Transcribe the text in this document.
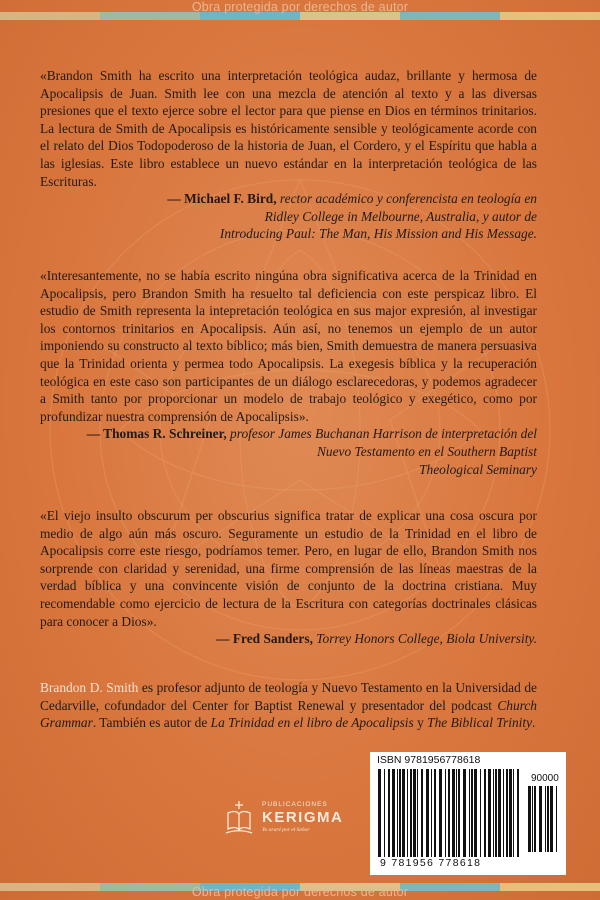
Obra protegida por derechos de autor
Obra protegida por derechos de autor

«Brandon Smith ha escrito una interpretación teológica audaz, brillante y hermosa de Apocalipsis de Juan. Smith lee con una mezcla de atención al texto y a las diversas presiones que el texto ejerce sobre el lector para que piense en Dios en términos trinitarios. La lectura de Smith de Apocalipsis es históricamente sensible y teológicamente acorde con el relato del Dios Todopoderoso de la historia de Juan, el Cordero, y el Espíritu que habla a las iglesias. Este libro establece un nuevo estándar en la interpretación teológica de las Escrituras.

— Michael F. Bird, rector académico y conferencista en teología en
Ridley College in Melbourne, Australia, y autor de
Introducing Paul: The Man, His Mission and His Message.

«Interesantemente, no se había escrito ningúna obra significativa acerca de la Trinidad en Apocalipsis, pero Brandon Smith ha resuelto tal deficiencia con este perspicaz libro. El estudio de Smith representa la intepretación teológica en sus major expresión, al investigar los contornos trinitarios en Apocalipsis. Aún así, no tenemos un ejemplo de un autor imponiendo su constructo al texto bíblico; más bien, Smith demuestra de manera persuasiva que la Trinidad orienta y permea todo Apocalipsis. La exegesis bíblica y la recuperación teológica en este caso son participantes de un diálogo esclarecedoras, y podemos agradecer a Smith tanto por proporcionar un modelo de trabajo teológico y exegético, como por profundizar nuestra comprensión de Apocalipsis».

— Thomas R. Schreiner, profesor James Buchanan Harrison de interpretación del
Nuevo Testamento en el Southern Baptist
Theological Seminary

«El viejo insulto obscurum per obscurius significa tratar de explicar una cosa oscura por medio de algo aún más oscuro. Seguramente un estudio de la Trinidad en el libro de Apocalipsis corre este riesgo, podríamos temer. Pero, en lugar de ello, Brandon Smith nos sorprende con claridad y serenidad, una firme comprensión de las líneas maestras de la verdad bíblica y una convincente visión de conjunto de la doctrina cristiana. Muy recomendable como ejercicio de lectura de la Escritura con categorías doctrinales clásicas para conocer a Dios».

— Fred Sanders, Torrey Honors College, Biola University.

Brandon D. Smith es profesor adjunto de teología y Nuevo Testamento en la Universidad de Cedarville, cofundador del Center for Baptist Renewal y presentador del podcast Church Grammar. También es autor de La Trinidad en el libro de Apocalipsis y The Biblical Trinity.

PUBLICACIONES
KERIGMA
Yo oraré por el Señor
ISBN 9781956778618
90000
9 781956 778618
